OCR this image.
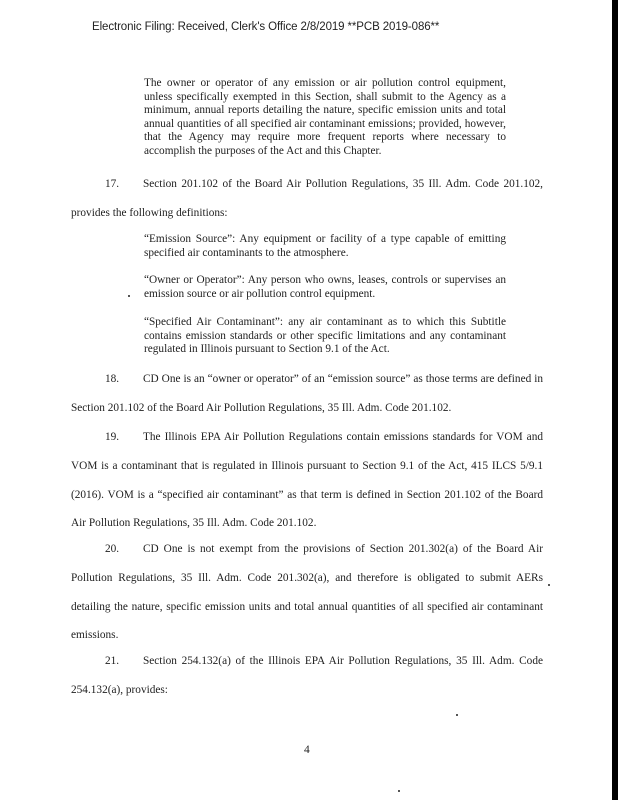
Electronic Filing: Received, Clerk's Office 2/8/2019 **PCB 2019-086**
The owner or operator of any emission or air pollution control equipment, unless specifically exempted in this Section, shall submit to the Agency as a minimum, annual reports detailing the nature, specific emission units and total annual quantities of all specified air contaminant emissions; provided, however, that the Agency may require more frequent reports where necessary to accomplish the purposes of the Act and this Chapter.
17. Section 201.102 of the Board Air Pollution Regulations, 35 Ill. Adm. Code 201.102, provides the following definitions:
“Emission Source”: Any equipment or facility of a type capable of emitting specified air contaminants to the atmosphere.
“Owner or Operator”: Any person who owns, leases, controls or supervises an emission source or air pollution control equipment.
“Specified Air Contaminant”: any air contaminant as to which this Subtitle contains emission standards or other specific limitations and any contaminant regulated in Illinois pursuant to Section 9.1 of the Act.
18. CD One is an “owner or operator” of an “emission source” as those terms are defined in Section 201.102 of the Board Air Pollution Regulations, 35 Ill. Adm. Code 201.102.
19. The Illinois EPA Air Pollution Regulations contain emissions standards for VOM and VOM is a contaminant that is regulated in Illinois pursuant to Section 9.1 of the Act, 415 ILCS 5/9.1 (2016). VOM is a “specified air contaminant” as that term is defined in Section 201.102 of the Board Air Pollution Regulations, 35 Ill. Adm. Code 201.102.
20. CD One is not exempt from the provisions of Section 201.302(a) of the Board Air Pollution Regulations, 35 Ill. Adm. Code 201.302(a), and therefore is obligated to submit AERs detailing the nature, specific emission units and total annual quantities of all specified air contaminant emissions.
21. Section 254.132(a) of the Illinois EPA Air Pollution Regulations, 35 Ill. Adm. Code 254.132(a), provides:
4
